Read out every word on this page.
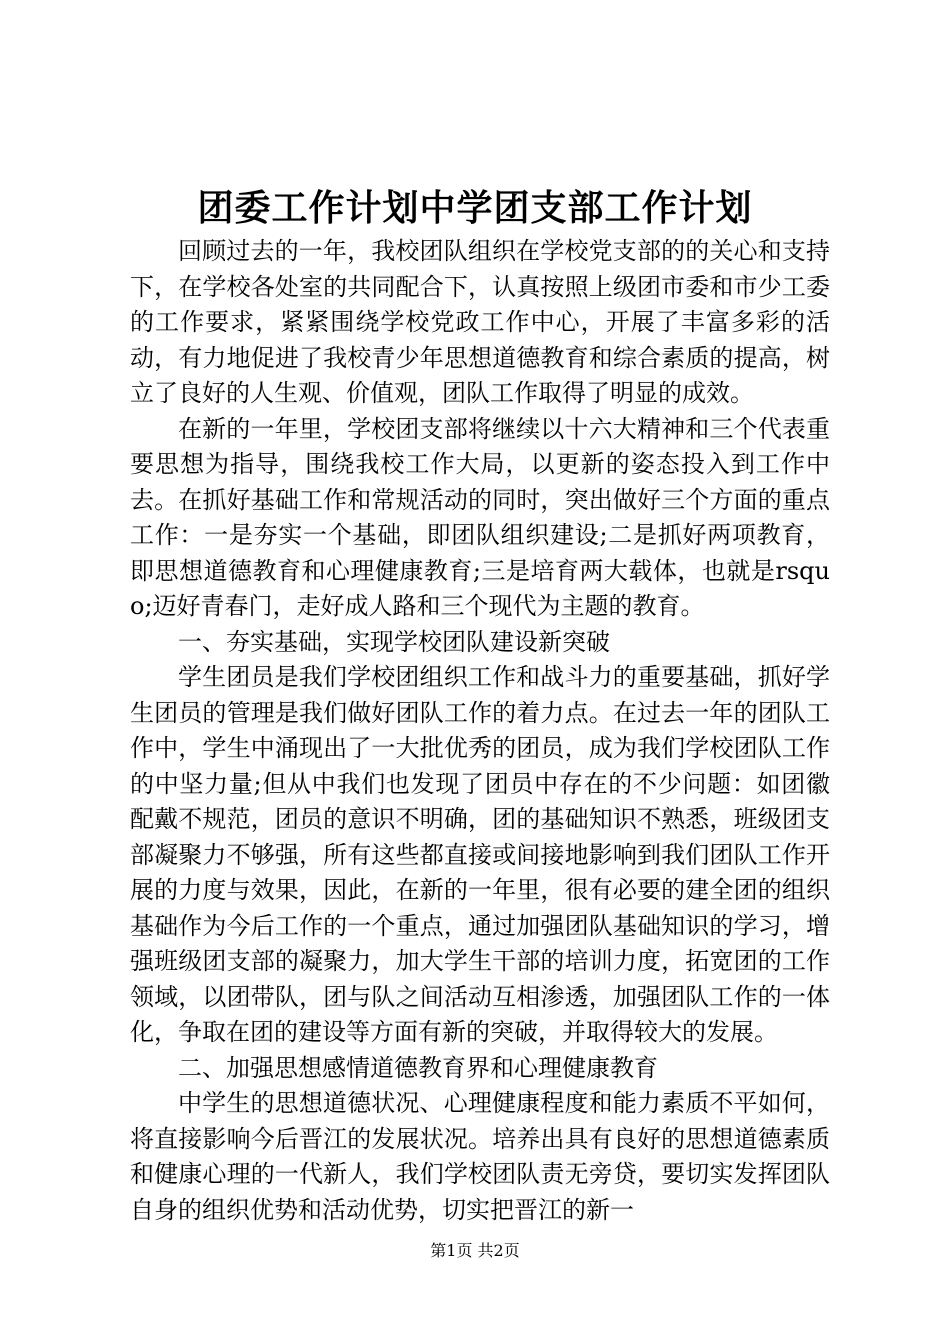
团委工作计划中学团支部工作计划

回顾过去的一年，我校团队组织在学校党支部的的关心和支持下，在学校各处室的共同配合下，认真按照上级团市委和市少工委的工作要求，紧紧围绕学校党政工作中心，开展了丰富多彩的活动，有力地促进了我校青少年思想道德教育和综合素质的提高，树立了良好的人生观、价值观，团队工作取得了明显的成效。

在新的一年里，学校团支部将继续以十六大精神和三个代表重要思想为指导，围绕我校工作大局，以更新的姿态投入到工作中去。在抓好基础工作和常规活动的同时，突出做好三个方面的重点工作：一是夯实一个基础，即团队组织建设;二是抓好两项教育，即思想道德教育和心理健康教育;三是培育两大载体，也就是rsquo;迈好青春门，走好成人路和三个现代为主题的教育。

一、夯实基础，实现学校团队建设新突破

学生团员是我们学校团组织工作和战斗力的重要基础，抓好学生团员的管理是我们做好团队工作的着力点。在过去一年的团队工作中，学生中涌现出了一大批优秀的团员，成为我们学校团队工作的中坚力量;但从中我们也发现了团员中存在的不少问题：如团徽配戴不规范，团员的意识不明确，团的基础知识不熟悉，班级团支部凝聚力不够强，所有这些都直接或间接地影响到我们团队工作开展的力度与效果，因此，在新的一年里，很有必要的建全团的组织基础作为今后工作的一个重点，通过加强团队基础知识的学习，增强班级团支部的凝聚力，加大学生干部的培训力度，拓宽团的工作领域，以团带队，团与队之间活动互相渗透，加强团队工作的一体化，争取在团的建设等方面有新的突破，并取得较大的发展。

二、加强思想感情道德教育界和心理健康教育

中学生的思想道德状况、心理健康程度和能力素质不平如何，将直接影响今后晋江的发展状况。培养出具有良好的思想道德素质和健康心理的一代新人，我们学校团队责无旁贷，要切实发挥团队自身的组织优势和活动优势，切实把晋江的新一

第1页 共2页
